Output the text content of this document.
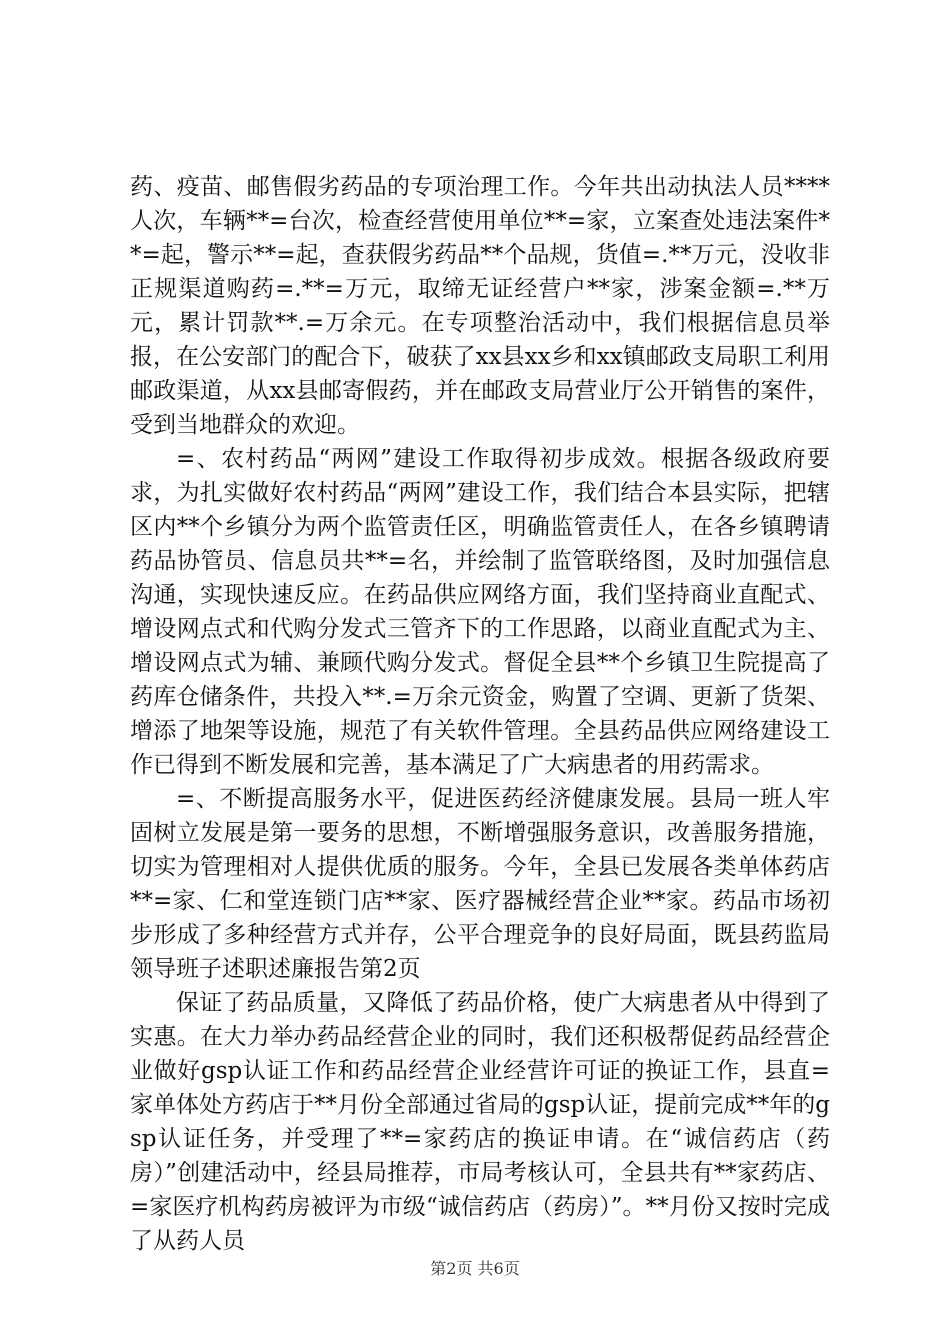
药、疫苗、邮售假劣药品的专项治理工作。今年共出动执法人员****人次，车辆**=台次，检查经营使用单位**=家，立案查处违法案件**=起，警示**=起，查获假劣药品**个品规，货值=.**万元，没收非正规渠道购药=.**=万元，取缔无证经营户**家，涉案金额=.**万元，累计罚款**.=万余元。在专项整治活动中，我们根据信息员举报，在公安部门的配合下，破获了xx县xx乡和xx镇邮政支局职工利用邮政渠道，从xx县邮寄假药，并在邮政支局营业厅公开销售的案件，受到当地群众的欢迎。

=、农村药品“两网”建设工作取得初步成效。根据各级政府要求，为扎实做好农村药品“两网”建设工作，我们结合本县实际，把辖区内**个乡镇分为两个监管责任区，明确监管责任人，在各乡镇聘请药品协管员、信息员共**=名，并绘制了监管联络图，及时加强信息沟通，实现快速反应。在药品供应网络方面，我们坚持商业直配式、增设网点式和代购分发式三管齐下的工作思路，以商业直配式为主、增设网点式为辅、兼顾代购分发式。督促全县**个乡镇卫生院提高了药库仓储条件，共投入**.=万余元资金，购置了空调、更新了货架、增添了地架等设施，规范了有关软件管理。全县药品供应网络建设工作已得到不断发展和完善，基本满足了广大病患者的用药需求。

=、不断提高服务水平，促进医药经济健康发展。县局一班人牢固树立发展是第一要务的思想，不断增强服务意识，改善服务措施，切实为管理相对人提供优质的服务。今年，全县已发展各类单体药店**=家、仁和堂连锁门店**家、医疗器械经营企业**家。药品市场初步形成了多种经营方式并存，公平合理竞争的良好局面，既县药监局领导班子述职述廉报告第2页

保证了药品质量，又降低了药品价格，使广大病患者从中得到了实惠。在大力举办药品经营企业的同时，我们还积极帮促药品经营企业做好gsp认证工作和药品经营企业经营许可证的换证工作，县直=家单体处方药店于**月份全部通过省局的gsp认证，提前完成**年的gsp认证任务，并受理了**=家药店的换证申请。在“诚信药店（药房）”创建活动中，经县局推荐，市局考核认可，全县共有**家药店、=家医疗机构药房被评为市级“诚信药店（药房）”。**月份又按时完成了从药人员

第2页 共6页
